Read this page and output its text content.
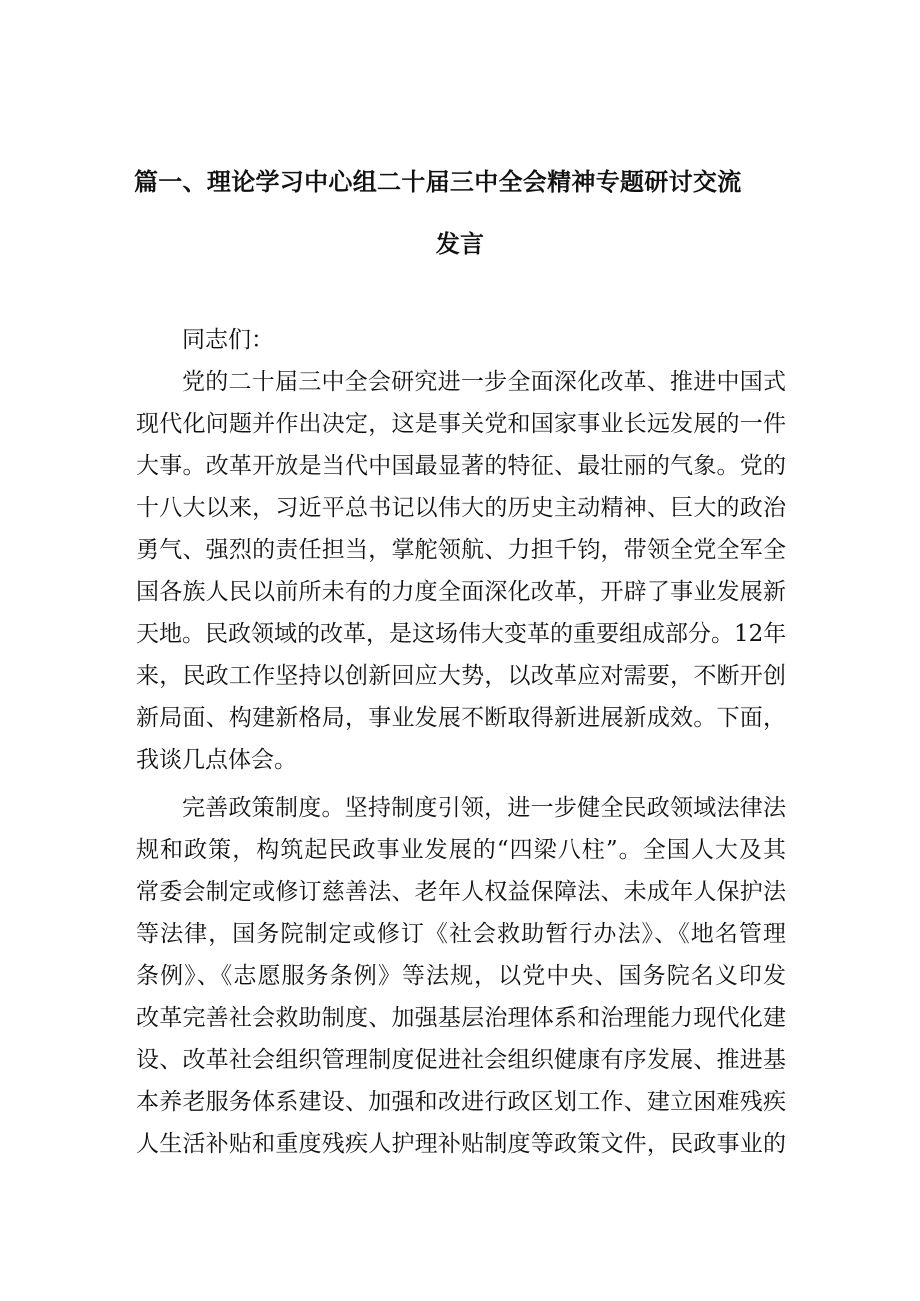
篇一、理论学习中心组二十届三中全会精神专题研讨交流
发言

同志们：

党的二十届三中全会研究进一步全面深化改革、推进中国式

现代化问题并作出决定，这是事关党和国家事业长远发展的一件

大事。改革开放是当代中国最显著的特征、最壮丽的气象。党的

十八大以来，习近平总书记以伟大的历史主动精神、巨大的政治

勇气、强烈的责任担当，掌舵领航、力担千钧，带领全党全军全

国各族人民以前所未有的力度全面深化改革，开辟了事业发展新

天地。民政领域的改革，是这场伟大变革的重要组成部分。12年

来，民政工作坚持以创新回应大势，以改革应对需要，不断开创

新局面、构建新格局，事业发展不断取得新进展新成效。下面，

我谈几点体会。

完善政策制度。坚持制度引领，进一步健全民政领域法律法

规和政策，构筑起民政事业发展的“四梁八柱”。全国人大及其

常委会制定或修订慈善法、老年人权益保障法、未成年人保护法

等法律，国务院制定或修订《社会救助暂行办法》、《地名管理

条例》、《志愿服务条例》等法规，以党中央、国务院名义印发

改革完善社会救助制度、加强基层治理体系和治理能力现代化建

设、改革社会组织管理制度促进社会组织健康有序发展、推进基

本养老服务体系建设、加强和改进行政区划工作、建立困难残疾

人生活补贴和重度残疾人护理补贴制度等政策文件，民政事业的
